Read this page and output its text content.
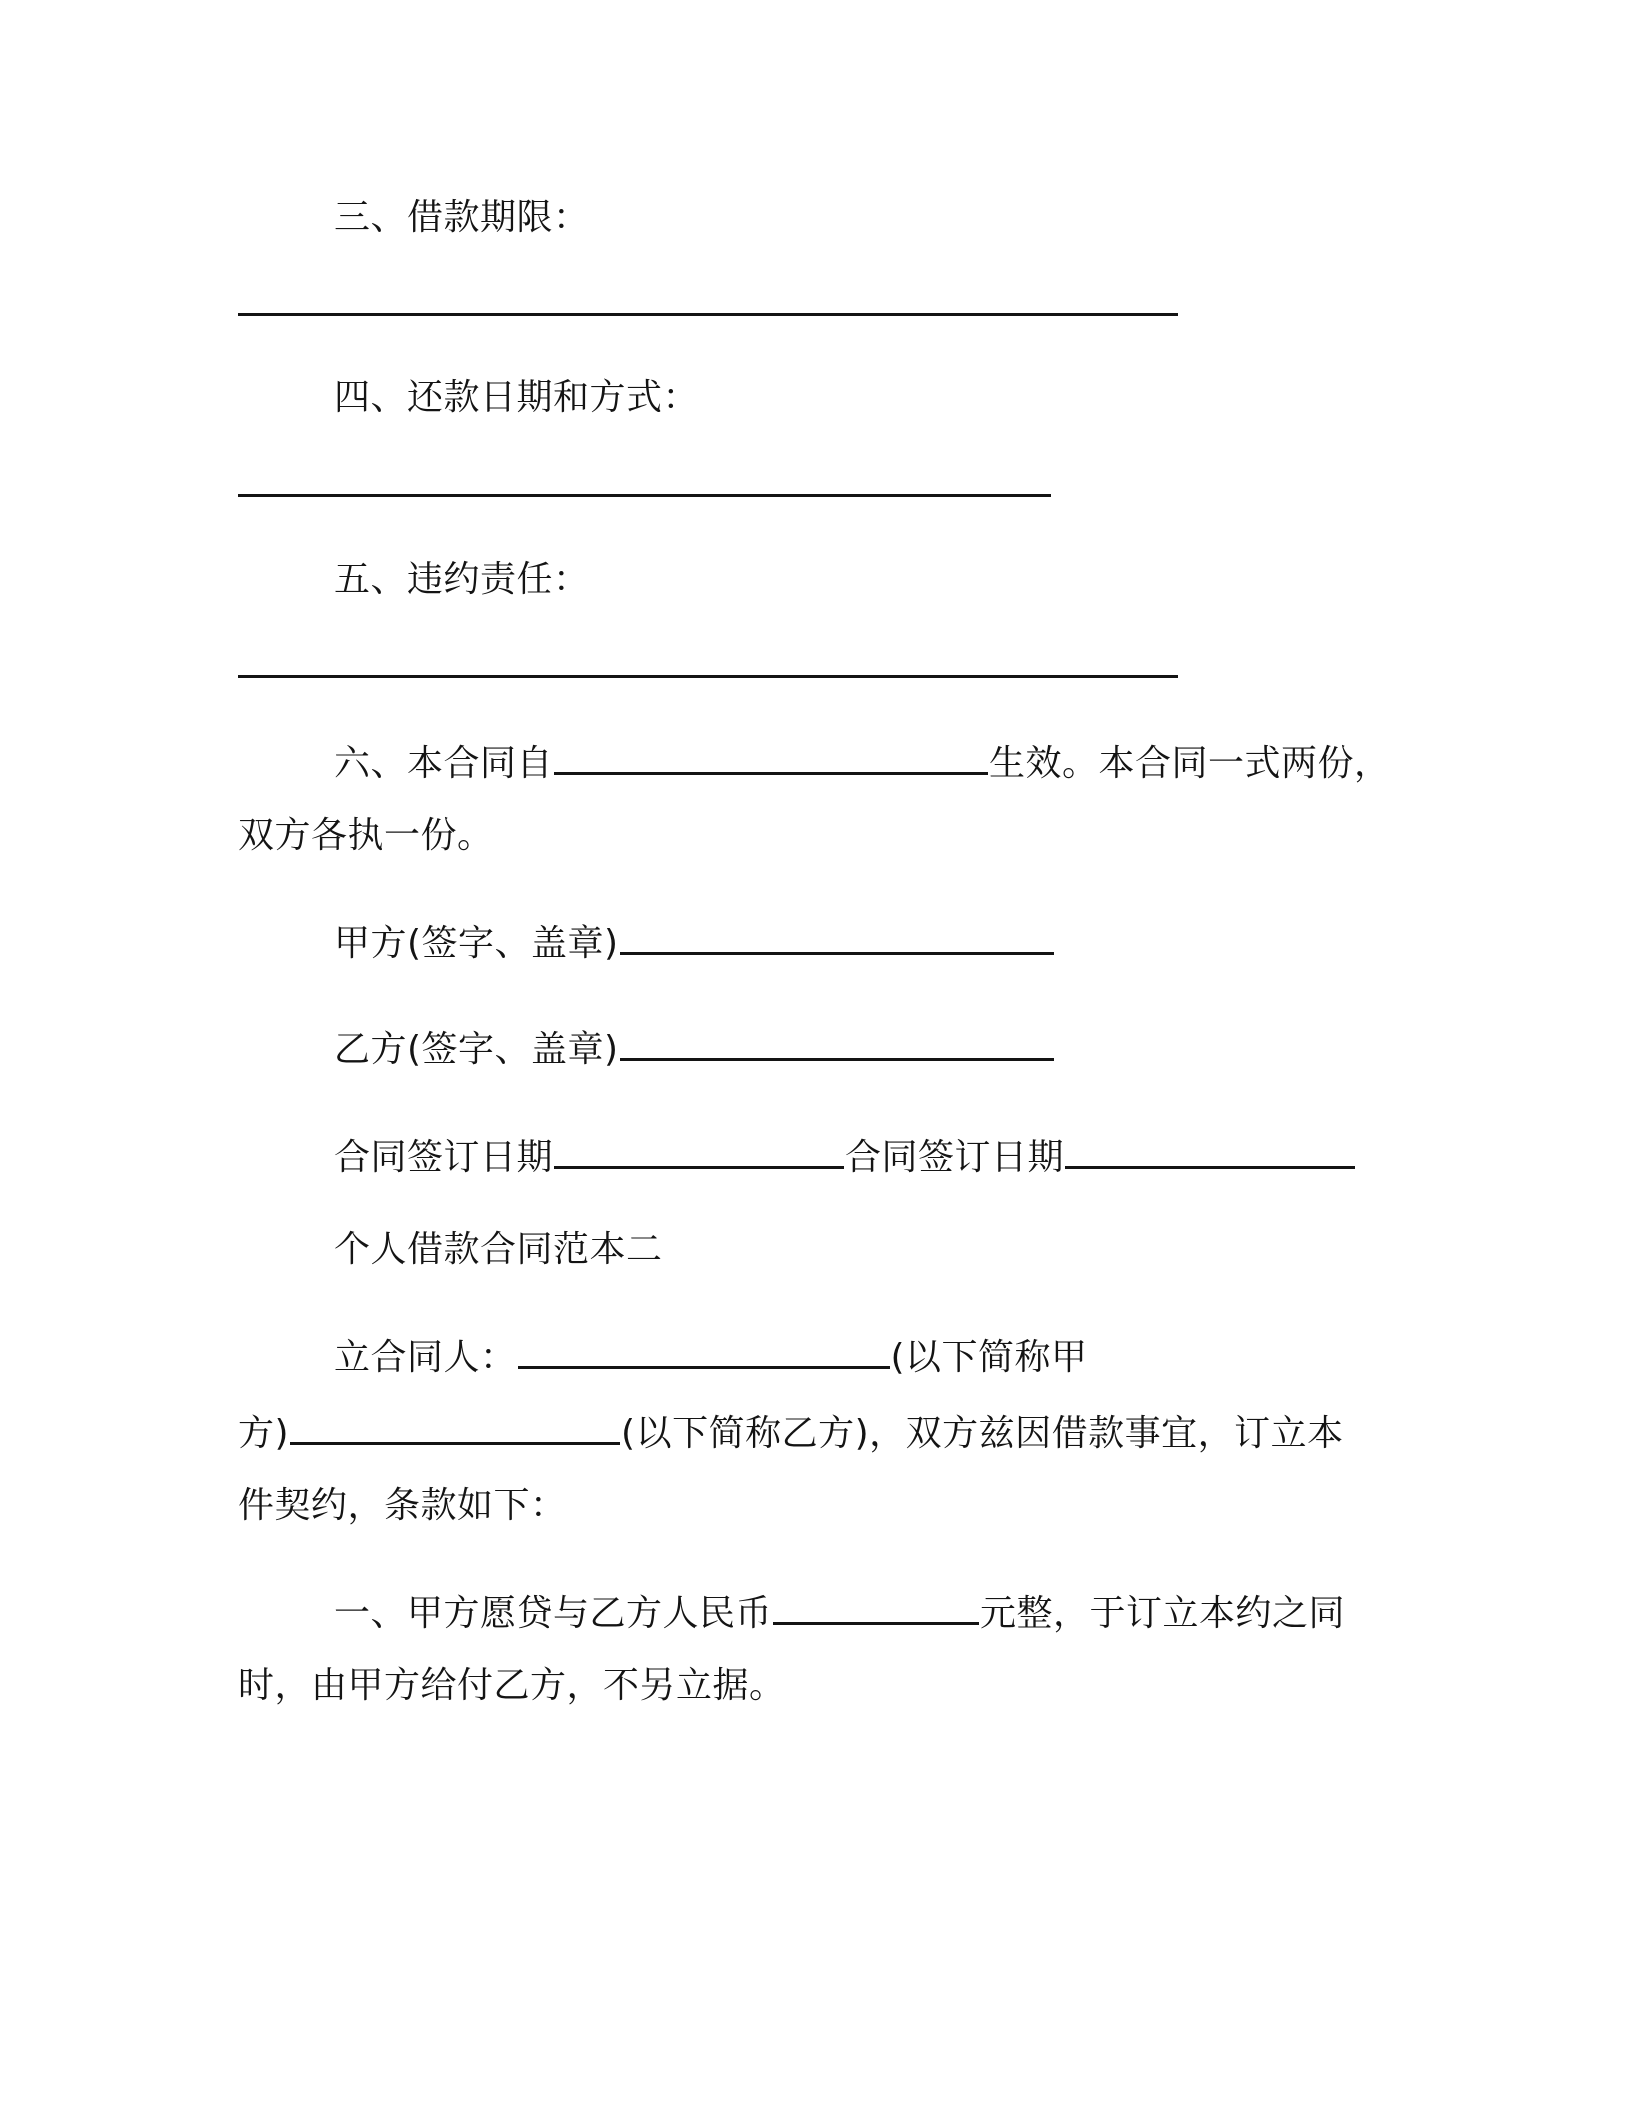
三、借款期限：

四、还款日期和方式：

五、违约责任：

六、本合同自	生效。本合同一式两份，

双方各执一份。

甲方(签字、盖章)

乙方(签字、盖章)

合同签订日期	合同签订日期

个人借款合同范本二

立合同人：	(以下简称甲

方)	(以下简称乙方)，双方兹因借款事宜，订立本

件契约，条款如下：

一、甲方愿贷与乙方人民币	元整，于订立本约之同

时，由甲方给付乙方，不另立据。
